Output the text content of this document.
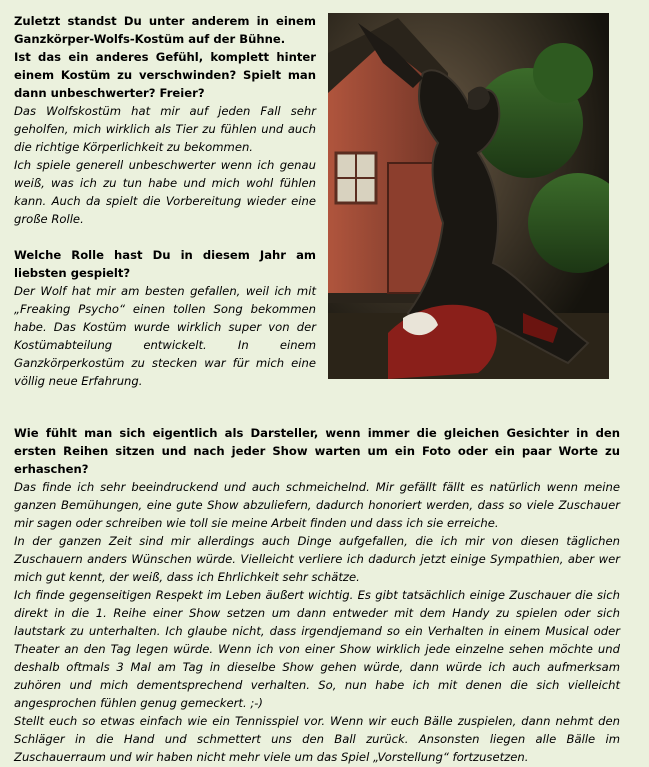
Zuletzt standst Du unter anderem in einem Ganzkörper-Wolfs-Kostüm auf der Bühne.

Ist das ein anderes Gefühl, komplett hinter einem Kostüm zu verschwinden? Spielt man dann unbeschwerter? Freier?

Das Wolfskostüm hat mir auf jeden Fall sehr geholfen, mich wirklich als Tier zu fühlen und auch die richtige Körperlichkeit zu bekommen.

Ich spiele generell unbeschwerter wenn ich genau weiß, was ich zu tun habe und mich wohl fühlen kann. Auch da spielt die Vorbereitung wieder eine große Rolle.

Welche Rolle hast Du in diesem Jahr am liebsten gespielt?

Der Wolf hat mir am besten gefallen, weil ich mit „Freaking Psycho“ einen tollen Song bekommen habe. Das Kostüm wurde wirklich super von der Kostümabteilung entwickelt. In einem Ganzkörperkostüm zu stecken war für mich eine völlig neue Erfahrung.

Wie fühlt man sich eigentlich als Darsteller, wenn immer die gleichen Gesichter in den ersten Reihen sitzen und nach jeder Show warten um ein Foto oder ein paar Worte zu erhaschen?

Das finde ich sehr beeindruckend und auch schmeichelnd. Mir gefällt fällt es natürlich wenn meine ganzen Bemühungen, eine gute Show abzuliefern, dadurch honoriert werden, dass so viele Zuschauer mir sagen oder schreiben wie toll sie meine Arbeit finden und dass ich sie erreiche.

In der ganzen Zeit sind mir allerdings auch Dinge aufgefallen, die ich mir von diesen täglichen Zuschauern anders Wünschen würde. Vielleicht verliere ich dadurch jetzt einige Sympathien, aber wer mich gut kennt, der weiß, dass ich Ehrlichkeit sehr schätze.

Ich finde gegenseitigen Respekt im Leben äußert wichtig. Es gibt tatsächlich einige Zuschauer die sich direkt in die 1. Reihe einer Show setzen um dann entweder mit dem Handy zu spielen oder sich lautstark zu unterhalten. Ich glaube nicht, dass irgendjemand so ein Verhalten in einem Musical oder Theater an den Tag legen würde. Wenn ich von einer Show wirklich jede einzelne sehen möchte und deshalb oftmals 3 Mal am Tag in dieselbe Show gehen würde, dann würde ich auch aufmerksam zuhören und mich dementsprechend verhalten. So, nun habe ich mit denen die sich vielleicht angesprochen fühlen genug gemeckert. ;-)

Stellt euch so etwas einfach wie ein Tennisspiel vor. Wenn wir euch Bälle zuspielen, dann nehmt den Schläger in die Hand und schmettert uns den Ball zurück. Ansonsten liegen alle Bälle im Zuschauerraum und wir haben nicht mehr viele um das Spiel „Vorstellung“ fortzusetzen.
